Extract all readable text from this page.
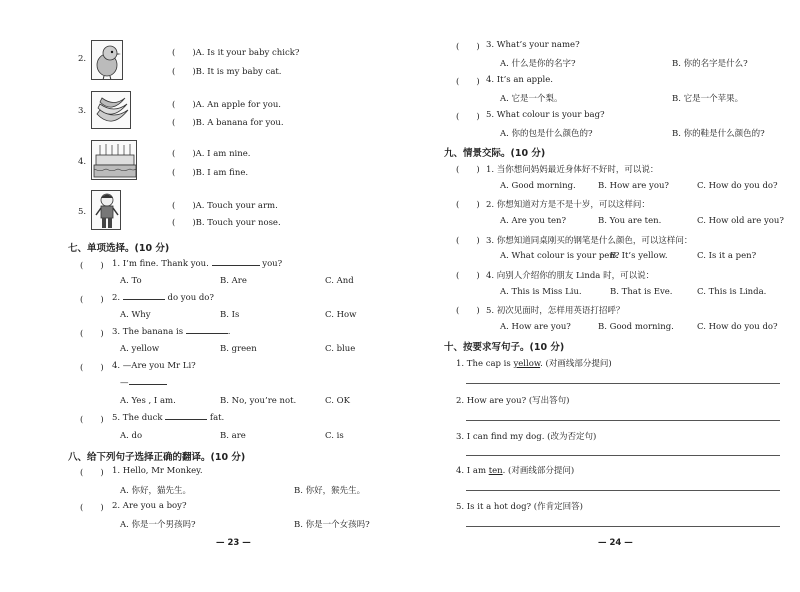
2.
(　　)A. Is it your baby chick?
(　　)B. It is my baby cat.
3.
(　　)A. An apple for you.
(　　)B. A banana for you.
4.
(　　)A. I am nine.
(　　)B. I am fine.
5.
(　　)A. Touch your arm.
(　　)B. Touch your nose.
七、单项选择。(10 分)
(　　) 1. I’m fine. Thank you.	you?
A. To	B. Are	C. And
(　　) 2.	do you do?
A. Why	B. Is	C. How
(　　) 3. The banana is	.
A. yellow	B. green	C. blue
(　　) 4. —Are you Mr Li?
—
A. Yes , I am.	B. No, you’re not.	C. OK
(　　) 5. The duck	fat.
A. do	B. are	C. is
八、给下列句子选择正确的翻译。(10 分)
(　　) 1. Hello, Mr Monkey.
A. 你好，猫先生。	B. 你好，猴先生。
(　　) 2. Are you a boy?
A. 你是一个男孩吗?	B. 你是一个女孩吗?
— 23 —
(　　) 3. What’s your name?
A. 什么是你的名字?	B. 你的名字是什么?
(　　) 4. It’s an apple.
A. 它是一个梨。	B. 它是一个苹果。
(　　) 5. What colour is your bag?
A. 你的包是什么颜色的?	B. 你的鞋是什么颜色的?
九、情景交际。(10 分)
(　　) 1. 当你想问妈妈最近身体好不好时，可以说：
A. Good morning.	B. How are you?	C. How do you do?
(　　) 2. 你想知道对方是不是十岁，可以这样问：
A. Are you ten?	B. You are ten.	C. How old are you?
(　　) 3. 你想知道同桌刚买的钢笔是什么颜色，可以这样问：
A. What colour is your pen?
B. It’s yellow.	C. Is it a pen?
(　　) 4. 向别人介绍你的朋友 Linda 时，可以说：
A. This is Miss Liu.	B. That is Eve.	C. This is Linda.
(　　) 5. 初次见面时，怎样用英语打招呼？
A. How are you?	B. Good morning.	C. How do you do?
十、按要求写句子。(10 分)
1. The cap is yellow. (对画线部分提问)
2. How are you? (写出答句)
3. I can find my dog. (改为否定句)
4. I am ten. (对画线部分提问)
5. Is it a hot dog? (作肯定回答)
— 24 —
